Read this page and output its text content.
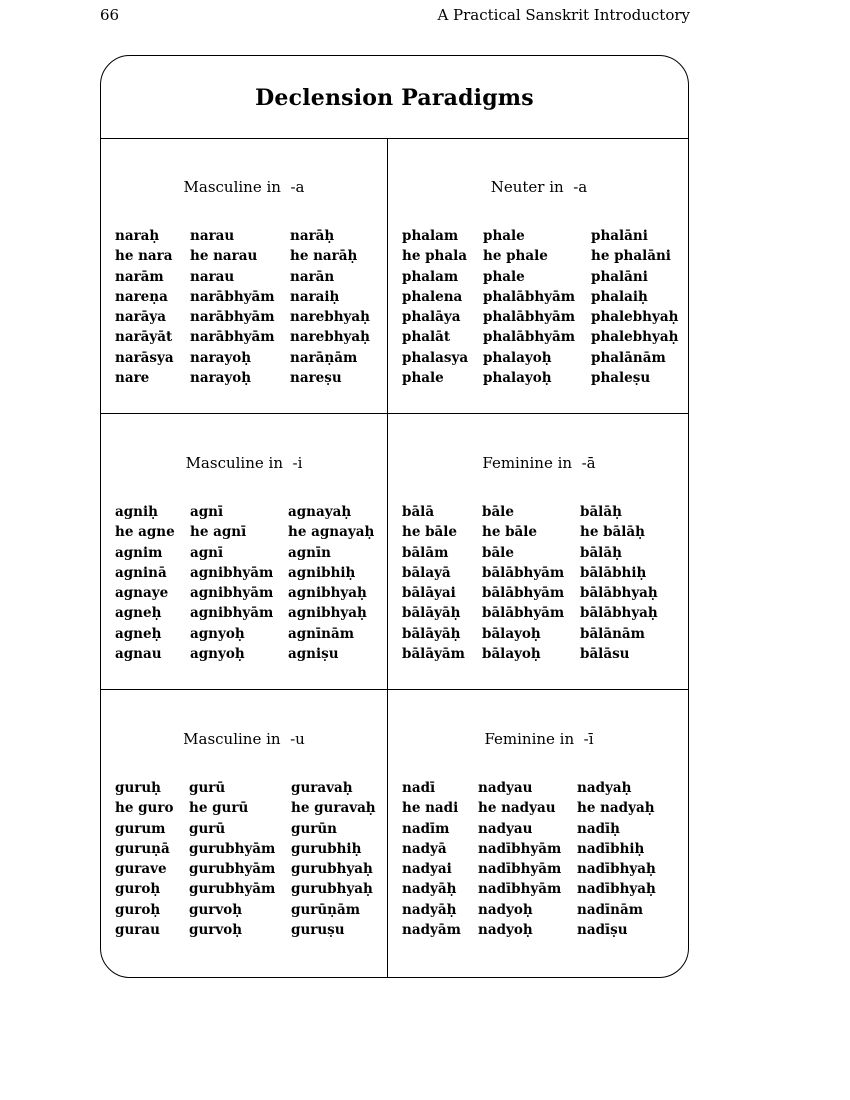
66	A Practical Sanskrit Introductory
Declension Paradigms
Masculine in  -a
naraḥ	narau	narāḥ
he nara	he narau	he narāḥ
narām	narau	narān
nareṇa	narābhyām	naraiḥ
narāya	narābhyām	narebhyaḥ
narāyāt	narābhyām	narebhyaḥ
narāsya	narayoḥ	narāṇām
nare	narayoḥ	nareṣu
Neuter in  -a
phalam	phale	phalāni
he phala	he phale	he phalāni
phalam	phale	phalāni
phalena	phalābhyām	phalaiḥ
phalāya	phalābhyām	phalebhyaḥ
phalāt	phalābhyām	phalebhyaḥ
phalasya	phalayoḥ	phalānām
phale	phalayoḥ	phaleṣu
Masculine in  -i
agniḥ	agnī	agnayaḥ
he agne	he agnī	he agnayaḥ
agnim	agnī	agnīn
agninā	agnibhyām	agnibhiḥ
agnaye	agnibhyām	agnibhyaḥ
agneḥ	agnibhyām	agnibhyaḥ
agneḥ	agnyoḥ	agnīnām
agnau	agnyoḥ	agniṣu
Feminine in  -ā
bālā	bāle	bālāḥ
he bāle	he bāle	he bālāḥ
bālām	bāle	bālāḥ
bālayā	bālābhyām	bālābhiḥ
bālāyai	bālābhyām	bālābhyaḥ
bālāyāḥ	bālābhyām	bālābhyaḥ
bālāyāḥ	bālayoḥ	bālānām
bālāyām	bālayoḥ	bālāsu
Masculine in  -u
guruḥ	gurū	guravaḥ
he guro	he gurū	he guravaḥ
gurum	gurū	gurūn
guruṇā	gurubhyām	gurubhiḥ
gurave	gurubhyām	gurubhyaḥ
guroḥ	gurubhyām	gurubhyaḥ
guroḥ	gurvoḥ	gurūṇām
gurau	gurvoḥ	guruṣu
Feminine in  -ī
nadī	nadyau	nadyaḥ
he nadi	he nadyau	he nadyaḥ
nadīm	nadyau	nadīḥ
nadyā	nadībhyām	nadībhiḥ
nadyai	nadībhyām	nadībhyaḥ
nadyāḥ	nadībhyām	nadībhyaḥ
nadyāḥ	nadyoḥ	nadīnām
nadyām	nadyoḥ	nadīṣu
